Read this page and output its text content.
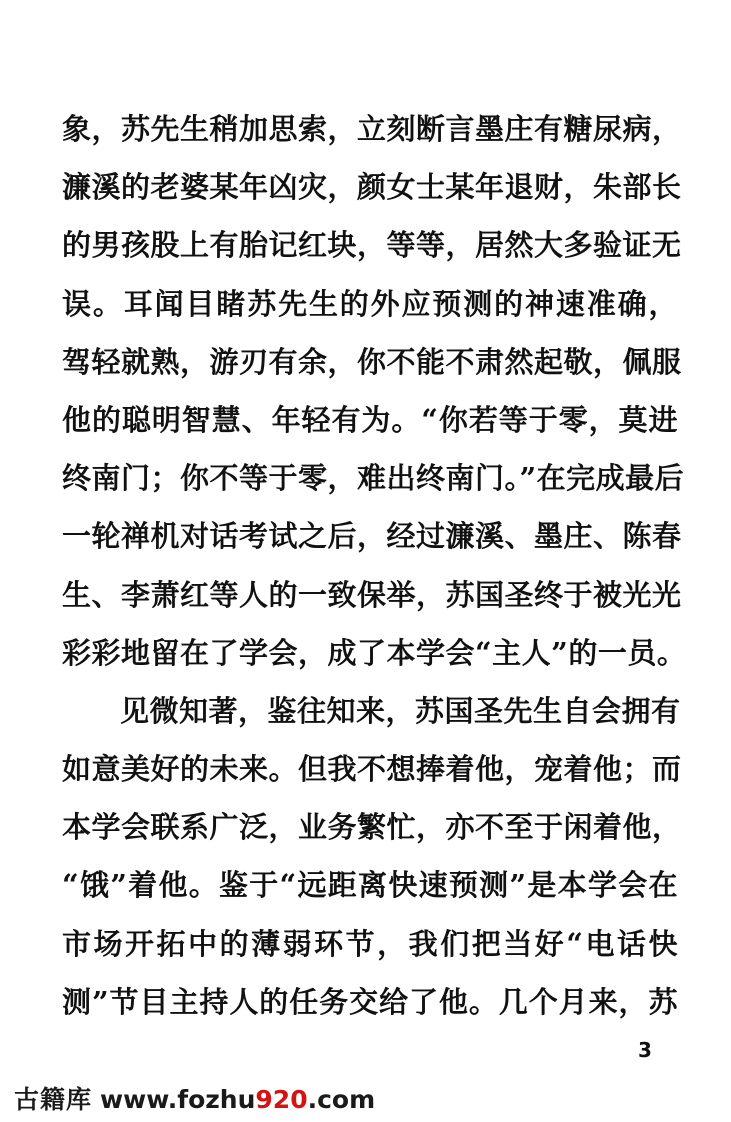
象，苏先生稍加思索，立刻断言墨庄有糖尿病，
濂溪的老婆某年凶灾，颜女士某年退财，朱部长
的男孩股上有胎记红块，等等，居然大多验证无
误。耳闻目睹苏先生的外应预测的神速准确，
驾轻就熟，游刃有余，你不能不肃然起敬，佩服
他的聪明智慧、年轻有为。“你若等于零，莫进
终南门；你不等于零，难出终南门。”在完成最后
一轮禅机对话考试之后，经过濂溪、墨庄、陈春
生、李萧红等人的一致保举，苏国圣终于被光光
彩彩地留在了学会，成了本学会“主人”的一员。
见微知著，鉴往知来，苏国圣先生自会拥有
如意美好的未来。但我不想捧着他，宠着他；而
本学会联系广泛，业务繁忙，亦不至于闲着他，
“饿”着他。鉴于“远距离快速预测”是本学会在
市场开拓中的薄弱环节，我们把当好“电话快
测”节目主持人的任务交给了他。几个月来，苏
3
古籍库 www.fozhu920.com
